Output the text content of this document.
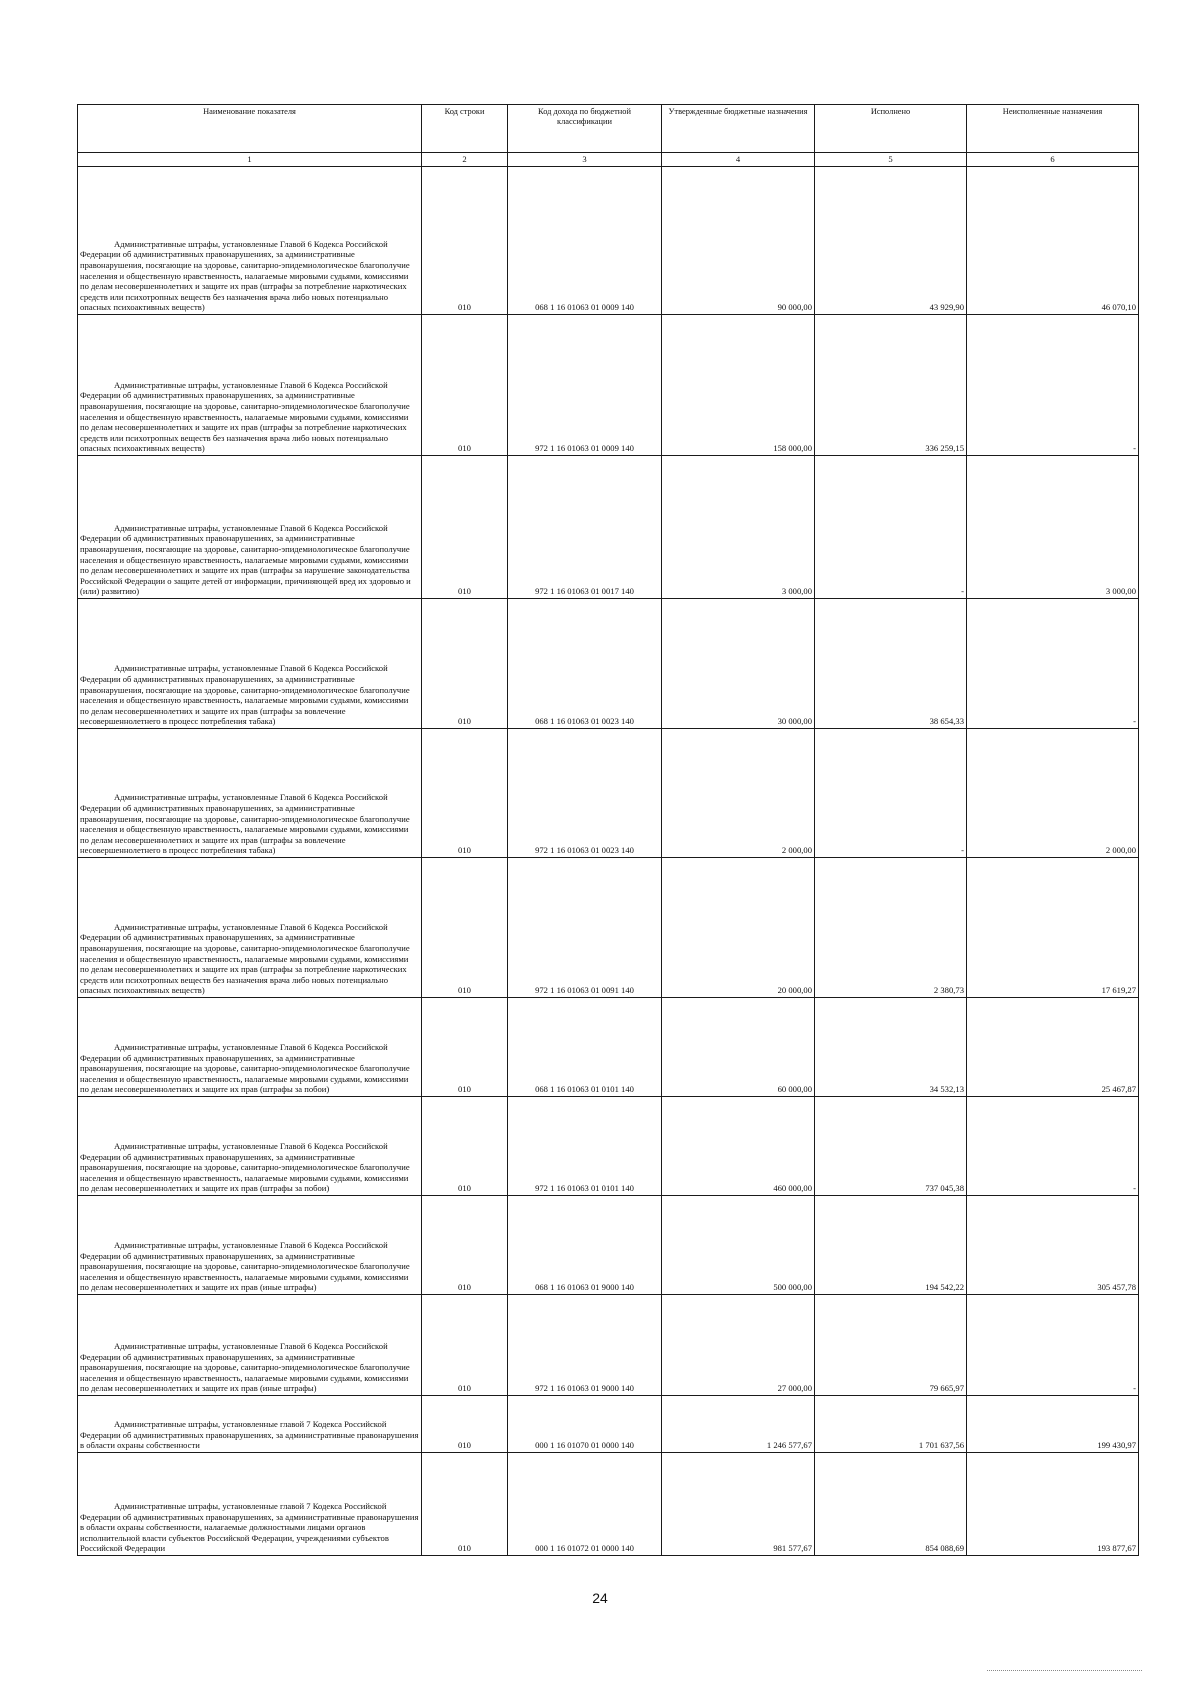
Наименование показателя	Код строки	Код дохода по бюджетной классификации	Утвержденные бюджетные назначения	Исполнено	Неисполненные назначения
1	2	3	4	5	6
Административные штрафы, установленные Главой 6 Кодекса Российской Федерации об административных правонарушениях, за административные правонарушения, посягающие на здоровье, санитарно-эпидемиологическое благополучие населения и общественную нравственность, налагаемые мировыми судьями, комиссиями по делам несовершеннолетних и защите их прав (штрафы за потребление наркотических средств или психотропных веществ без назначения врача либо новых потенциально опасных психоактивных веществ)	010	068 1 16 01063 01 0009 140	90 000,00	43 929,90	46 070,10
Административные штрафы, установленные Главой 6 Кодекса Российской Федерации об административных правонарушениях, за административные правонарушения, посягающие на здоровье, санитарно-эпидемиологическое благополучие населения и общественную нравственность, налагаемые мировыми судьями, комиссиями по делам несовершеннолетних и защите их прав (штрафы за потребление наркотических средств или психотропных веществ без назначения врача либо новых потенциально опасных психоактивных веществ)	010	972 1 16 01063 01 0009 140	158 000,00	336 259,15	-
Административные штрафы, установленные Главой 6 Кодекса Российской Федерации об административных правонарушениях, за административные правонарушения, посягающие на здоровье, санитарно-эпидемиологическое благополучие населения и общественную нравственность, налагаемые мировыми судьями, комиссиями по делам несовершеннолетних и защите их прав (штрафы за нарушение законодательства Российской Федерации о защите детей от информации, причиняющей вред их здоровью и (или) развитию)	010	972 1 16 01063 01 0017 140	3 000,00	-	3 000,00
Административные штрафы, установленные Главой 6 Кодекса Российской Федерации об административных правонарушениях, за административные правонарушения, посягающие на здоровье, санитарно-эпидемиологическое благополучие населения и общественную нравственность, налагаемые мировыми судьями, комиссиями по делам несовершеннолетних и защите их прав (штрафы за вовлечение несовершеннолетнего в процесс потребления табака)	010	068 1 16 01063 01 0023 140	30 000,00	38 654,33	-
Административные штрафы, установленные Главой 6 Кодекса Российской Федерации об административных правонарушениях, за административные правонарушения, посягающие на здоровье, санитарно-эпидемиологическое благополучие населения и общественную нравственность, налагаемые мировыми судьями, комиссиями по делам несовершеннолетних и защите их прав (штрафы за вовлечение несовершеннолетнего в процесс потребления табака)	010	972 1 16 01063 01 0023 140	2 000,00	-	2 000,00
Административные штрафы, установленные Главой 6 Кодекса Российской Федерации об административных правонарушениях, за административные правонарушения, посягающие на здоровье, санитарно-эпидемиологическое благополучие населения и общественную нравственность, налагаемые мировыми судьями, комиссиями по делам несовершеннолетних и защите их прав (штрафы за потребление наркотических средств или психотропных веществ без назначения врача либо новых потенциально опасных психоактивных веществ)	010	972 1 16 01063 01 0091 140	20 000,00	2 380,73	17 619,27
Административные штрафы, установленные Главой 6 Кодекса Российской Федерации об административных правонарушениях, за административные правонарушения, посягающие на здоровье, санитарно-эпидемиологическое благополучие населения и общественную нравственность, налагаемые мировыми судьями, комиссиями по делам несовершеннолетних и защите их прав (штрафы за побои)	010	068 1 16 01063 01 0101 140	60 000,00	34 532,13	25 467,87
Административные штрафы, установленные Главой 6 Кодекса Российской Федерации об административных правонарушениях, за административные правонарушения, посягающие на здоровье, санитарно-эпидемиологическое благополучие населения и общественную нравственность, налагаемые мировыми судьями, комиссиями по делам несовершеннолетних и защите их прав (штрафы за побои)	010	972 1 16 01063 01 0101 140	460 000,00	737 045,38	-
Административные штрафы, установленные Главой 6 Кодекса Российской Федерации об административных правонарушениях, за административные правонарушения, посягающие на здоровье, санитарно-эпидемиологическое благополучие населения и общественную нравственность, налагаемые мировыми судьями, комиссиями по делам несовершеннолетних и защите их прав (иные штрафы)	010	068 1 16 01063 01 9000 140	500 000,00	194 542,22	305 457,78
Административные штрафы, установленные Главой 6 Кодекса Российской Федерации об административных правонарушениях, за административные правонарушения, посягающие на здоровье, санитарно-эпидемиологическое благополучие населения и общественную нравственность, налагаемые мировыми судьями, комиссиями по делам несовершеннолетних и защите их прав (иные штрафы)	010	972 1 16 01063 01 9000 140	27 000,00	79 665,97	-
Административные штрафы, установленные главой 7 Кодекса Российской Федерации об административных правонарушениях, за административные правонарушения в области охраны собственности	010	000 1 16 01070 01 0000 140	1 246 577,67	1 701 637,56	199 430,97
Административные штрафы, установленные главой 7 Кодекса Российской Федерации об административных правонарушениях, за административные правонарушения в области охраны собственности, налагаемые должностными лицами органов исполнительной власти субъектов Российской Федерации, учреждениями субъектов Российской Федерации	010	000 1 16 01072 01 0000 140	981 577,67	854 088,69	193 877,67
24
